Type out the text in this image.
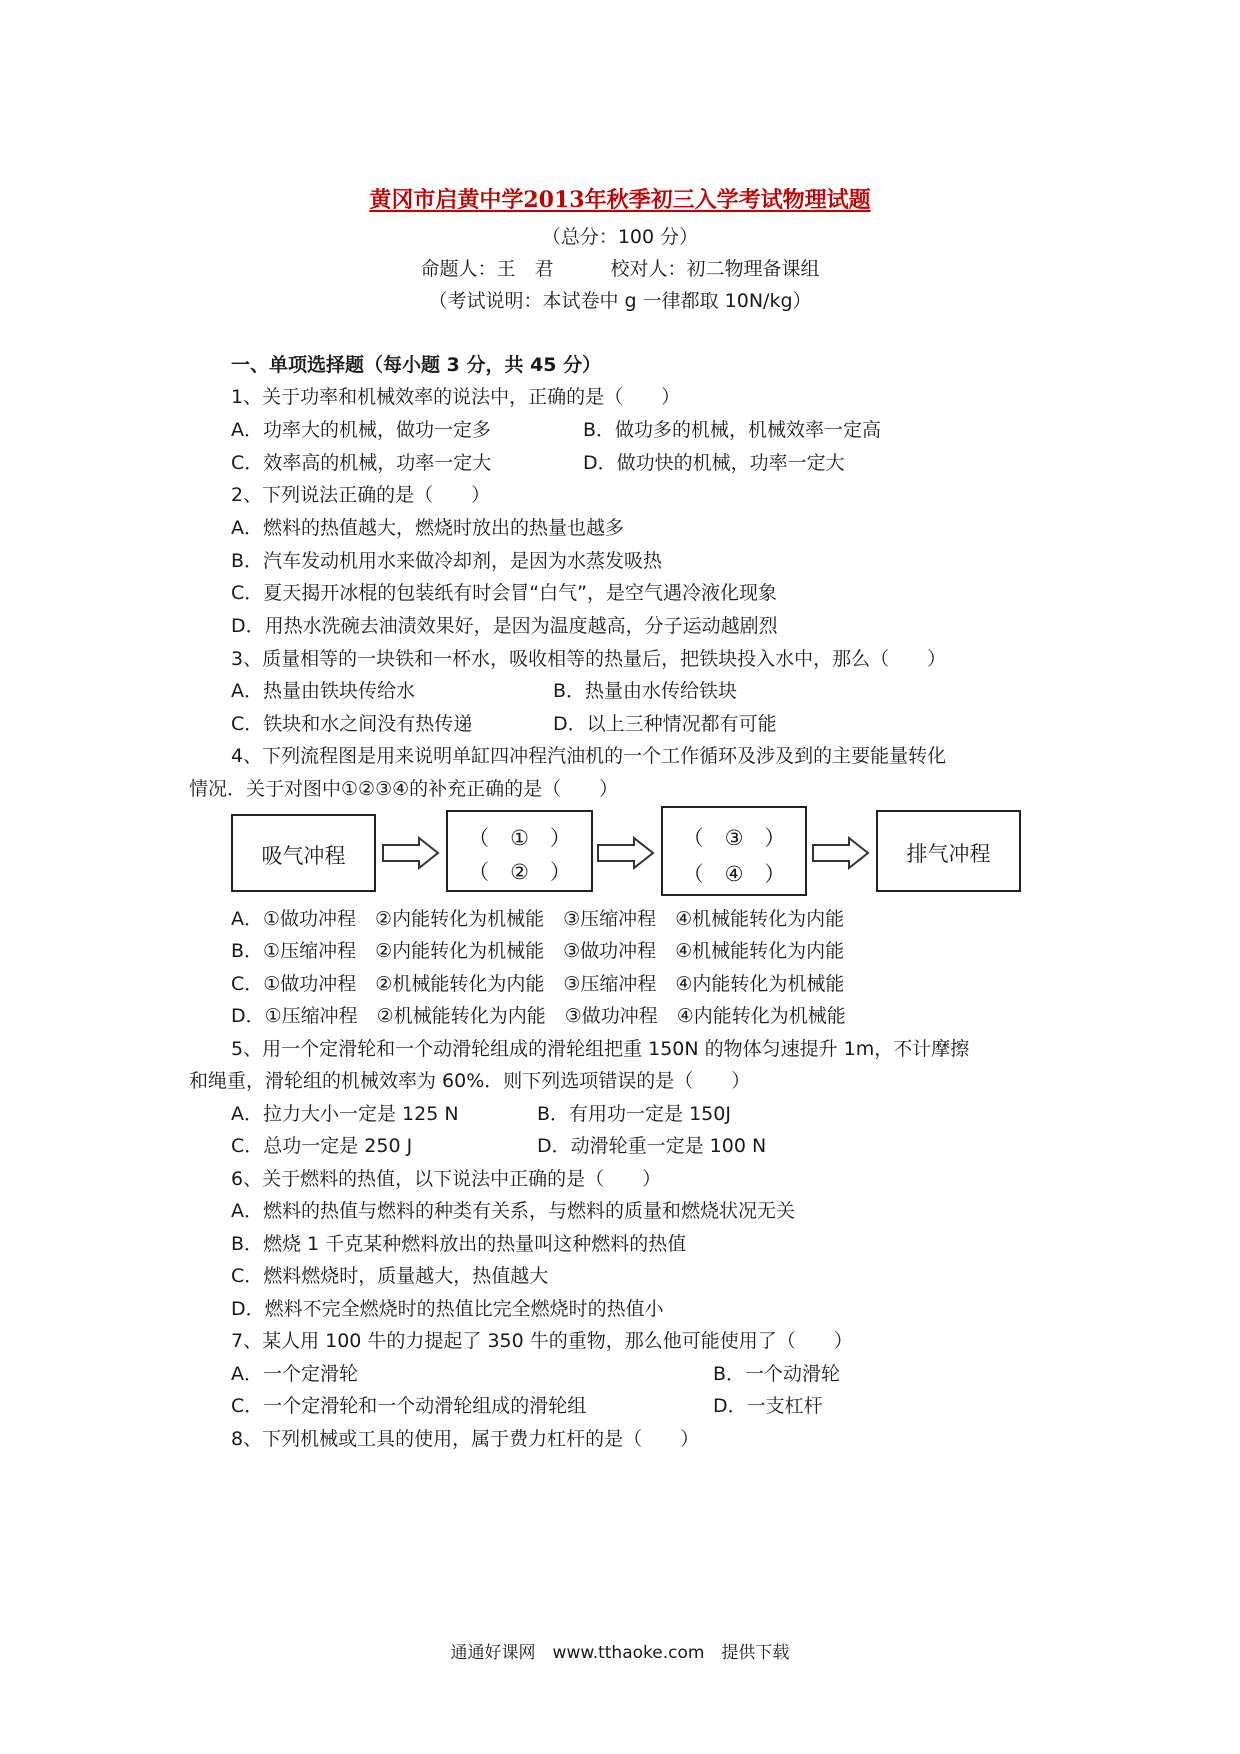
黄冈市启黄中学2013年秋季初三入学考试物理试题
（总分：100 分）
命题人：王　君　　　校对人：初二物理备课组
（考试说明：本试卷中 g 一律都取 10N/kg）
一、单项选择题（每小题 3 分，共 45 分）
1、关于功率和机械效率的说法中，正确的是（　　）
A．功率大的机械，做功一定多	B．做功多的机械，机械效率一定高
C．效率高的机械，功率一定大	D．做功快的机械，功率一定大
2、下列说法正确的是（　　）
A．燃料的热值越大，燃烧时放出的热量也越多
B．汽车发动机用水来做冷却剂，是因为水蒸发吸热
C．夏天揭开冰棍的包装纸有时会冒“白气”，是空气遇冷液化现象
D．用热水洗碗去油渍效果好，是因为温度越高，分子运动越剧烈
3、质量相等的一块铁和一杯水，吸收相等的热量后，把铁块投入水中，那么（　　）
A．热量由铁块传给水	B．热量由水传给铁块
C．铁块和水之间没有热传递	D．以上三种情况都有可能
4、下列流程图是用来说明单缸四冲程汽油机的一个工作循环及涉及到的主要能量转化
情况．关于对图中①②③④的补充正确的是（　　）
吸气冲程
（　①　）
（　②　）
（　③　）
（　④　）
排气冲程
A．①做功冲程　②内能转化为机械能　③压缩冲程　④机械能转化为内能
B．①压缩冲程　②内能转化为机械能　③做功冲程　④机械能转化为内能
C．①做功冲程　②机械能转化为内能　③压缩冲程　④内能转化为机械能
D．①压缩冲程　②机械能转化为内能　③做功冲程　④内能转化为机械能
5、用一个定滑轮和一个动滑轮组成的滑轮组把重 150N 的物体匀速提升 1m，不计摩擦
和绳重，滑轮组的机械效率为 60%．则下列选项错误的是（　　）
A．拉力大小一定是 125 N	B．有用功一定是 150J
C．总功一定是 250 J	D．动滑轮重一定是 100 N
6、关于燃料的热值，以下说法中正确的是（　　）
A．燃料的热值与燃料的种类有关系，与燃料的质量和燃烧状况无关
B．燃烧 1 千克某种燃料放出的热量叫这种燃料的热值
C．燃料燃烧时，质量越大，热值越大
D．燃料不完全燃烧时的热值比完全燃烧时的热值小
7、某人用 100 牛的力提起了 350 牛的重物，那么他可能使用了（　　）
A．一个定滑轮	B．一个动滑轮
C．一个定滑轮和一个动滑轮组成的滑轮组	D．一支杠杆
8、下列机械或工具的使用，属于费力杠杆的是（　　）
通通好课网　www.tthaoke.com　提供下载
